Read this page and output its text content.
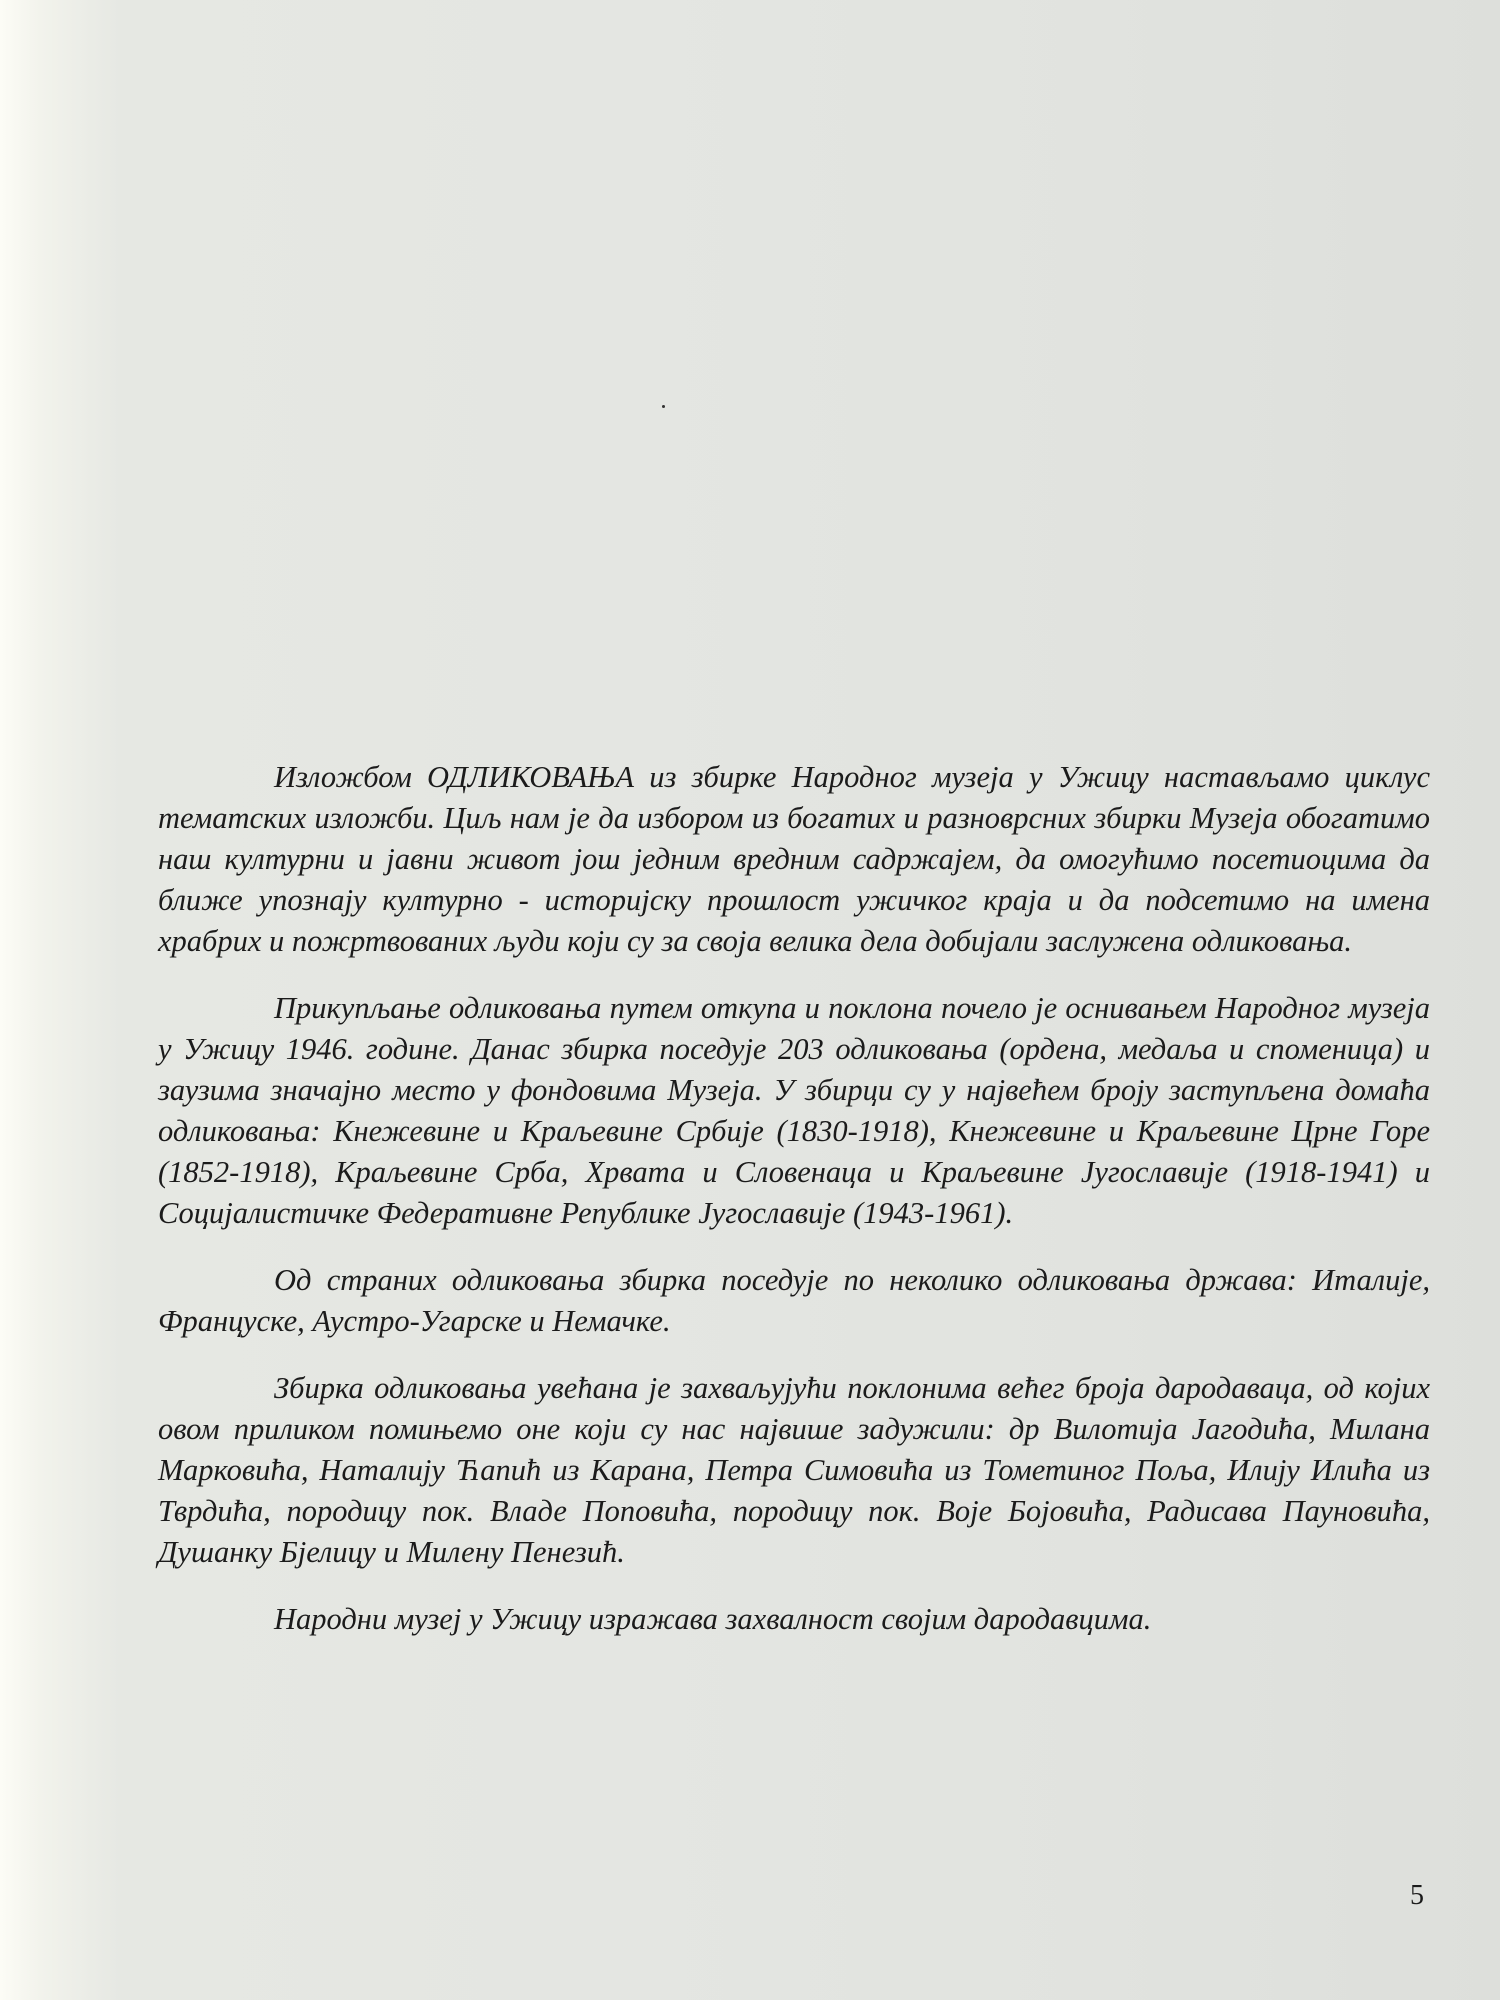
Изложбом ОДЛИКОВАЊА из збирке Народног музеја у Ужицу настављамо циклус тематских изложби. Циљ нам је да избором из богатих и разноврсних збирки Музеја обогатимо наш културни и јавни живот још једним вредним садржајем, да омогућимо посетиоцима да ближе упознају културно - историјску прошлост ужичког краја и да подсетимо на имена храбрих и пожртвованих људи који су за своја велика дела добијали заслужена одликовања.

Прикупљање одликовања путем откупа и поклона почело је оснивањем Народног музеја у Ужицу 1946. године. Данас збирка поседује 203 одликовања (ордена, медаља и споменица) и заузима значајно место у фондовима Музеја. У збирци су у највећем броју заступљена домаћа одликовања: Кнежевине и Краљевине Србије (1830-1918), Кнежевине и Краљевине Црне Горе (1852-1918), Краљевине Срба, Хрвата и Словенаца и Краљевине Југославије (1918-1941) и Социјалистичке Федеративне Републике Југославије (1943-1961).

Од страних одликовања збирка поседује по неколико одликовања држава: Италије, Француске, Аустро-Угарске и Немачке.

Збирка одликовања увећана је захваљујући поклонима већег броја дародаваца, од којих овом приликом помињемо оне који су нас највише задужили: др Вилотија Јагодића, Милана Марковића, Наталију Ћапић из Карана, Петра Симовића из Тометиног Поља, Илију Илића из Тврдића, породицу пок. Владе Поповића, породицу пок. Воје Бојовића, Радисава Пауновића, Душанку Бјелицу и Милену Пенезић.

Народни музеј у Ужицу изражава захвалност својим дародавцима.

5
